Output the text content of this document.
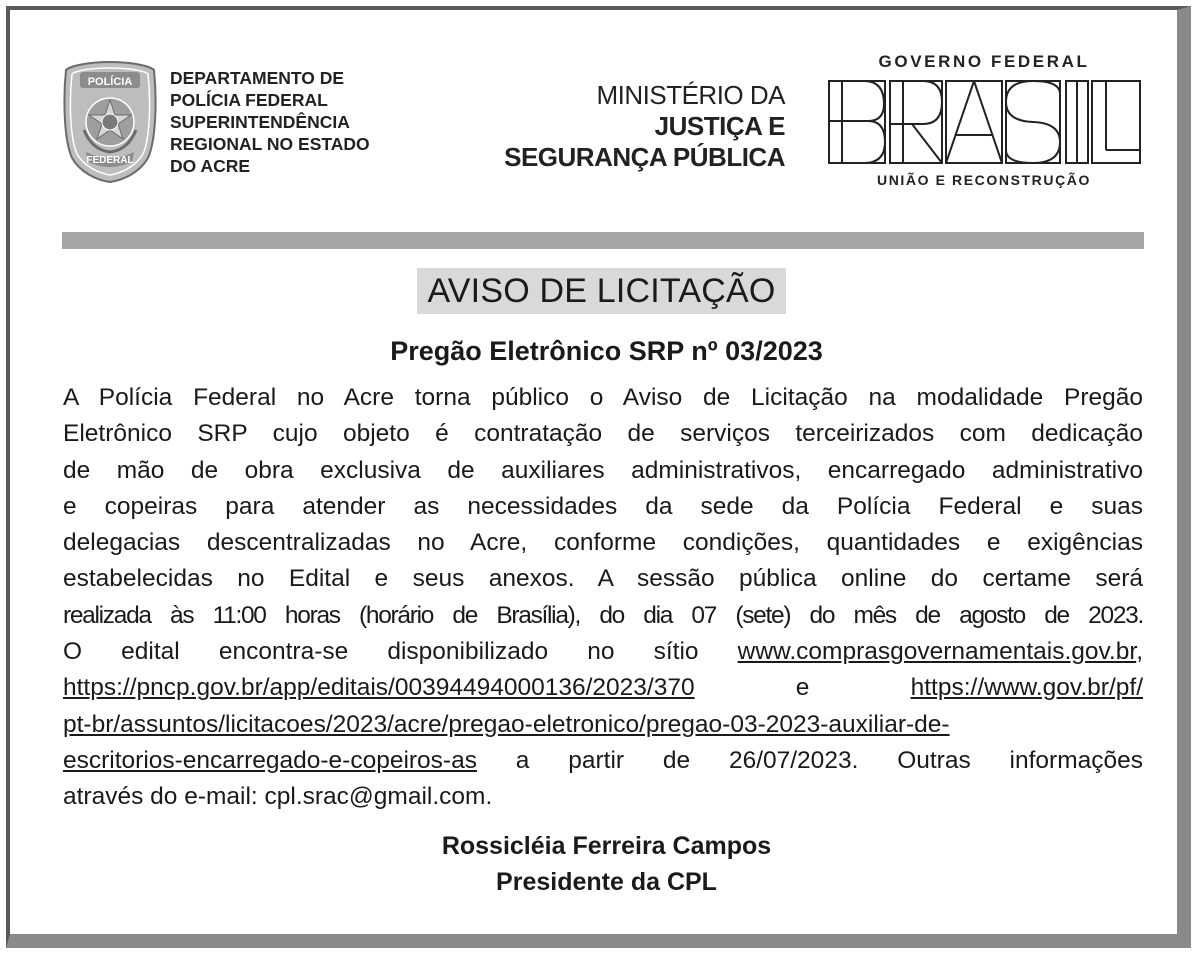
POLÍCIA
FEDERAL
DEPARTAMENTO DE
POLÍCIA FEDERAL
SUPERINTENDÊNCIA
REGIONAL NO ESTADO
DO ACRE
MINISTÉRIO DA
JUSTIÇA E
SEGURANÇA PÚBLICA
GOVERNO FEDERAL
UNIÃO E RECONSTRUÇÃO
AVISO DE LICITAÇÃO
Pregão Eletrônico SRP nº 03/2023
A Polícia Federal no Acre torna público o Aviso de Licitação na modalidade Pregão
Eletrônico SRP cujo objeto é contratação de serviços terceirizados com dedicação
de mão de obra exclusiva de auxiliares administrativos, encarregado administrativo
e copeiras para atender as necessidades da sede da Polícia Federal e suas
delegacias descentralizadas no Acre, conforme condições, quantidades e exigências
estabelecidas no Edital e seus anexos. A sessão pública online do certame será
realizada às 11:00 horas (horário de Brasília), do dia 07 (sete) do mês de agosto de 2023.
O edital encontra-se disponibilizado no sítio www.comprasgovernamentais.gov.br,
https://pncp.gov.br/app/editais/00394494000136/2023/370	e	https://www.gov.br/pf/
pt-br/assuntos/licitacoes/2023/acre/pregao-eletronico/pregao-03-2023-auxiliar-de-
escritorios-encarregado-e-copeiros-as a partir de 26/07/2023. Outras informações
através do e-mail: cpl.srac@gmail.com.
Rossicléia Ferreira Campos
Presidente da CPL
